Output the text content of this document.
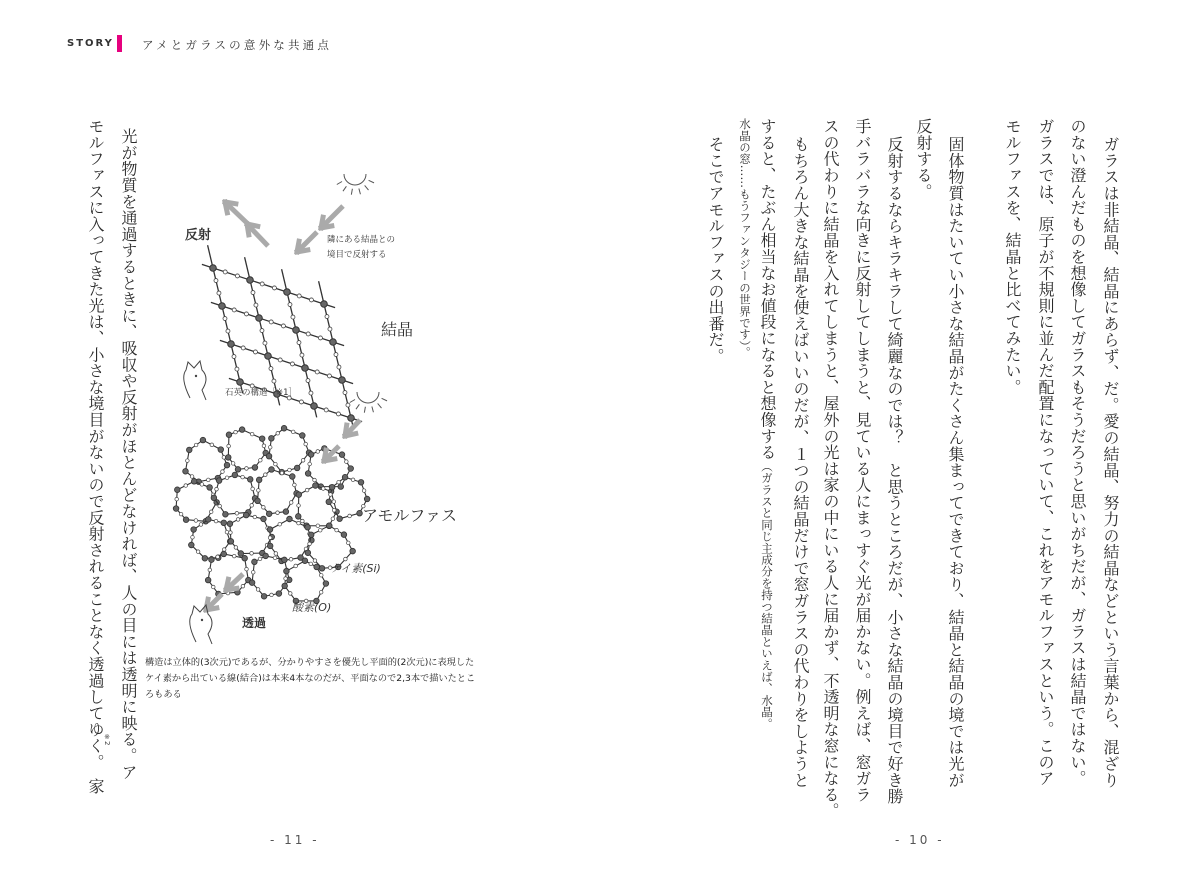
STORY アメとガラスの意外な共通点
ガラスは非結晶、結晶にあらず、だ。愛の結晶、努力の結晶などという言葉から、混ざり
のない澄んだものを想像してガラスもそうだろうと思いがちだが、ガラスは結晶ではない。
ガラスでは、原子が不規則に並んだ配置になっていて、これをアモルファスという。このア
モルファスを、結晶と比べてみたい。
固体物質はたいてい小さな結晶がたくさん集まってできており、結晶と結晶の境では光が
反射する。
反射するならキラキラして綺麗なのでは？　と思うところだが、小さな結晶の境目で好き勝
手バラバラな向きに反射してしまうと、見ている人にまっすぐ光が届かない。例えば、窓ガラ
スの代わりに結晶を入れてしまうと、屋外の光は家の中にいる人に届かず、不透明な窓になる。
もちろん大きな結晶を使えばいいのだが、１つの結晶だけで窓ガラスの代わりをしようと
すると、たぶん相当なお値段になると想像する（ガラスと同じ主成分を持つ結晶といえば、水晶。
水晶の窓……もうファンタジーの世界です）。
そこでアモルファスの出番だ。
- 10 -
光が物質を通過するときに、吸収や反射がほとんどなければ、人の目には透明に映る。ア
モルファスに入ってきた光は、小さな境目がないので反射されることなく透過してゆく。家
※2
- 11 -
反射	隣にある結晶との
境目で反射する
結晶
石英の構造［※1］
アモルファス
ケイ素(Si)
酸素(O)
透過
構造は立体的(3次元)であるが、分かりやすさを優先し平面的(2次元)に表現した
ケイ素から出ている線(結合)は本来4本なのだが、平面なので2,3本で描いたとこ
ろもある
